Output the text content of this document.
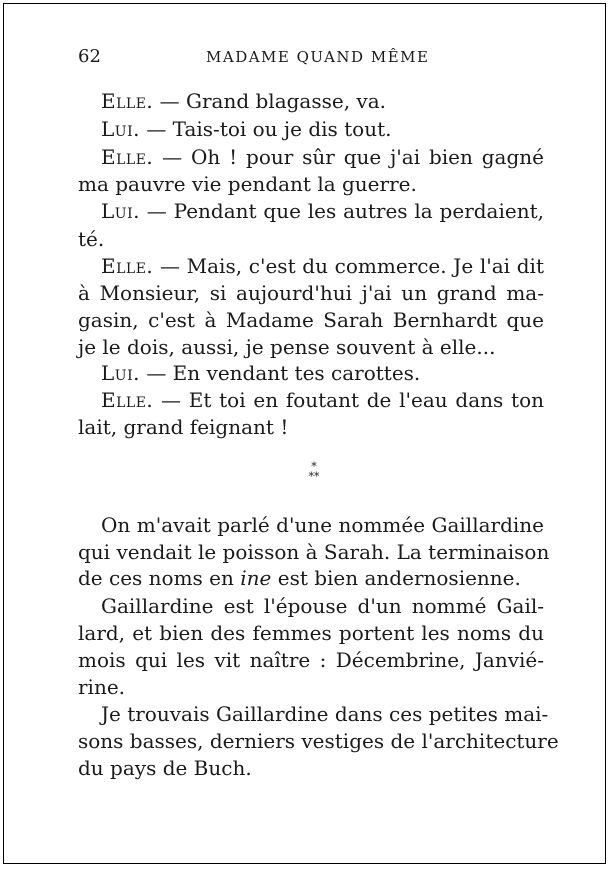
62	MADAME QUAND MÊME
Elle. — Grand blagasse, va.
Lui. — Tais-toi ou je dis tout.
Elle. — Oh ! pour sûr que j'ai bien gagné
ma pauvre vie pendant la guerre.
Lui. — Pendant que les autres la perdaient,
té.
Elle. — Mais, c'est du commerce. Je l'ai dit
à Monsieur, si aujourd'hui j'ai un grand ma-
gasin, c'est à Madame Sarah Bernhardt que
je le dois, aussi, je pense souvent à elle...
Lui. — En vendant tes carottes.
Elle. — Et toi en foutant de l'eau dans ton
lait, grand feignant !
*
**
On m'avait parlé d'une nommée Gaillardine
qui vendait le poisson à Sarah. La terminaison
de ces noms en ine est bien andernosienne.
Gaillardine est l'épouse d'un nommé Gail-
lard, et bien des femmes portent les noms du
mois qui les vit naître : Décembrine, Janvié-
rine.
Je trouvais Gaillardine dans ces petites mai-
sons basses, derniers vestiges de l'architecture
du pays de Buch.
